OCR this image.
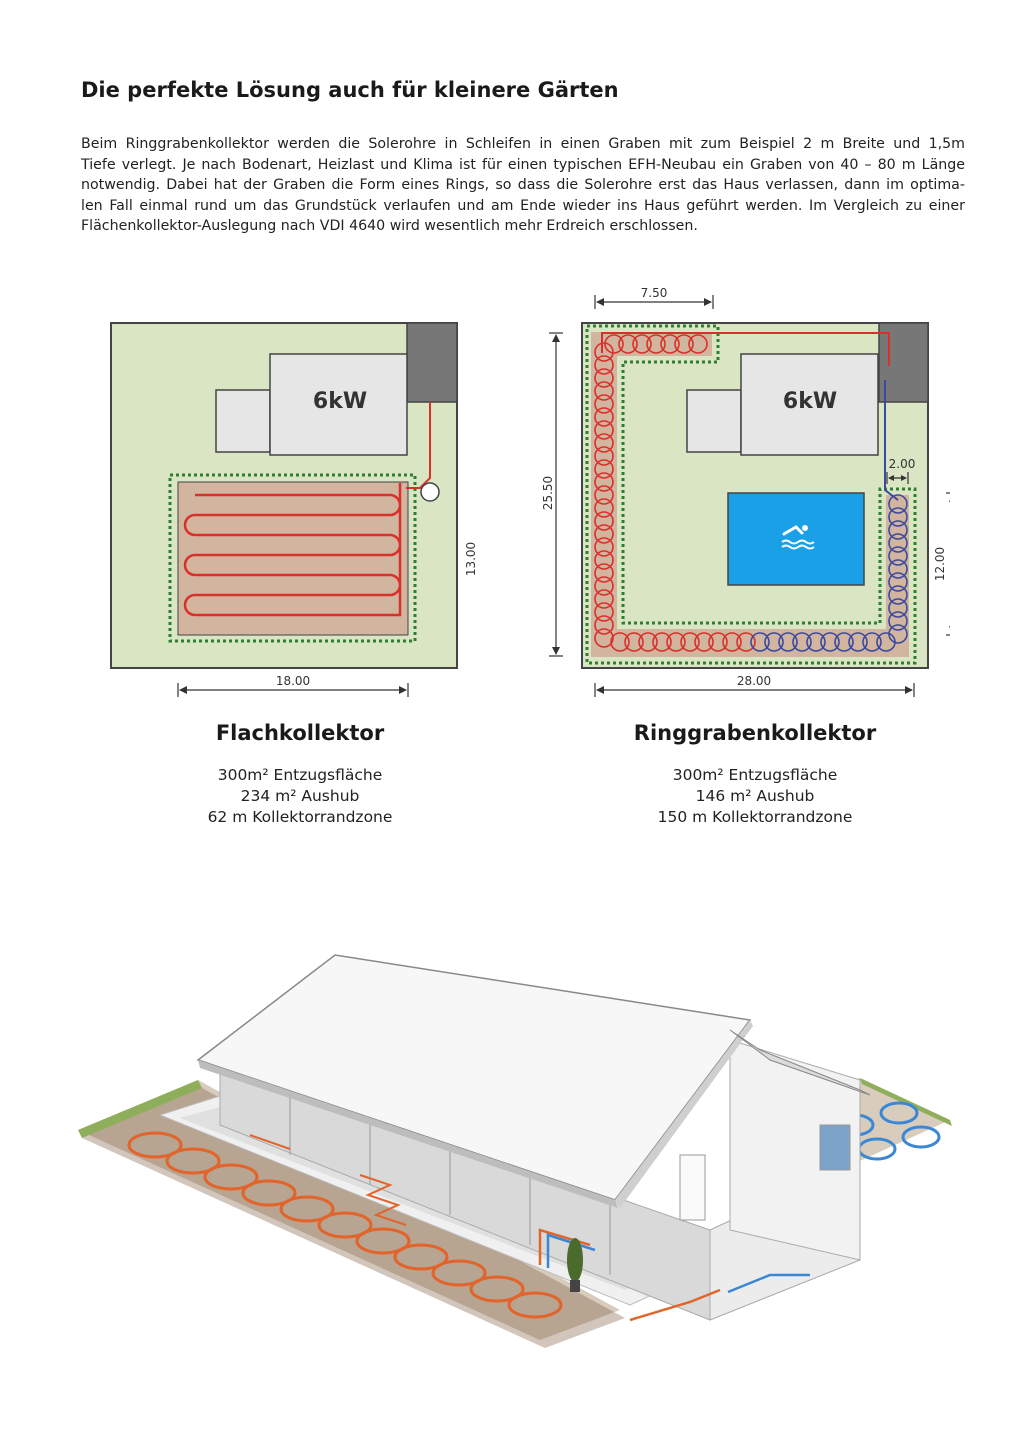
Die perfekte Lösung auch für kleinere Gärten

Beim Ringgrabenkollektor werden die Solerohre in Schleifen in einen Graben mit zum Beispiel 2 m Breite und 1,5m
Tiefe verlegt. Je nach Bodenart, Heizlast und Klima ist für einen typischen EFH-Neubau ein Graben von 40 – 80 m Länge
notwendig. Dabei hat der Graben die Form eines Rings, so dass die Solerohre erst das Haus verlassen, dann im optima-
len Fall einmal rund um das Grundstück verlaufen und am Ende wieder ins Haus geführt werden. Im Vergleich zu einer
Flächenkollektor-Auslegung nach VDI 4640 wird wesentlich mehr Erdreich erschlossen.

6kW
13.00
18.00
6kW
7.50
25.50
2.00
12.00
28.00
Flachkollektor

300m² Entzugsfläche

234 m² Aushub

62 m Kollektorrandzone

Ringgrabenkollektor

300m² Entzugsfläche

146 m² Aushub

150 m Kollektorrandzone
